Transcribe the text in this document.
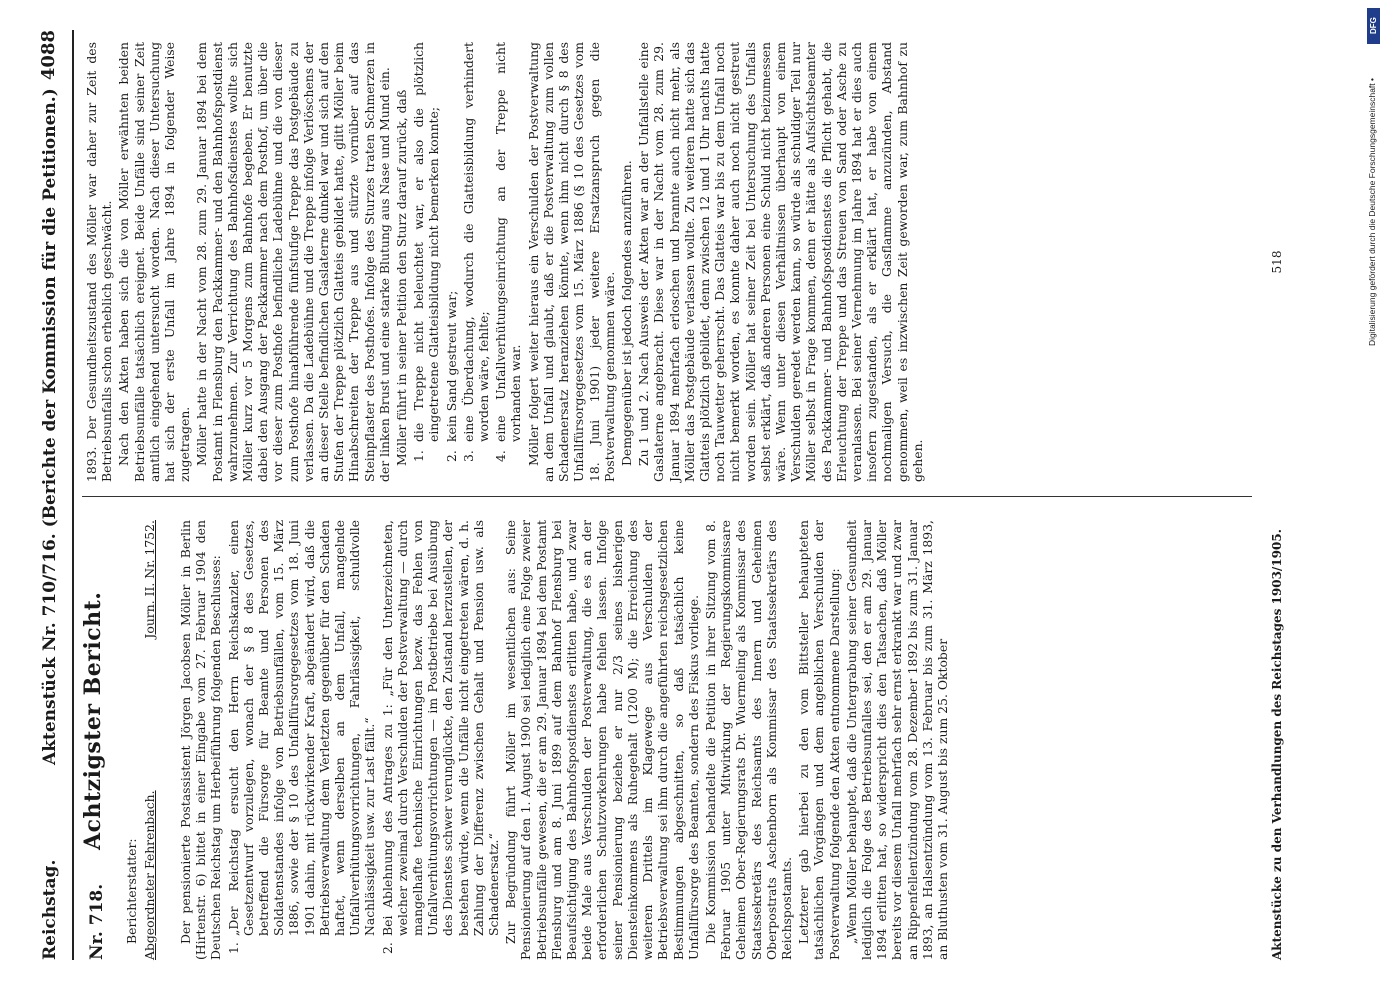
Reichstag.
Aktenstück Nr. 710/716. (Berichte der Kommission für die Petitionen.)
4088
Nr. 718.
Achtzigster Bericht.
Berichterstatter: Abgeordneter Fehrenbach.
Journ. II. Nr. 1752. Der pensionierte Postassistent Jörgen Jacobsen Möller in Berlin (Hirtenstr. 6) bittet in einer Eingabe vom 27. Februar 1904 den Deutschen Reichstag um Herbeiführung folgenden Beschlusses: 1.
„Der Reichstag ersucht den Herrn Reichskanzler, einen Gesetzentwurf vorzulegen, wonach der § 8 des Gesetzes, betreffend die Fürsorge für Beamte und Personen des Soldatenstandes infolge von Betriebsunfällen, vom 15. März 1886, sowie der § 10 des Unfallfürsorgegesetzes vom 18. Juni 1901 dahin, mit rückwirkender Kraft, abgeändert wird, daß die Betriebsverwaltung dem Verletzten gegenüber für den Schaden haftet, wenn derselben an dem Unfall, mangelnde Unfallverhütungsvorrichtungen, Fahrlässigkeit, schuldvolle Nachlässigkeit usw. zur Last fällt.“

2.
Bei Ablehnung des Antrages zu 1: „Für den Unterzeichneten, welcher zweimal durch Verschulden der Postverwaltung — durch mangelhafte technische Einrichtungen bezw. das Fehlen von Unfallverhütungsvorrichtungen — im Postbetriebe bei Ausübung des Dienstes schwer verunglückte, den Zustand herzustellen, der bestehen würde, wenn die Unfälle nicht eingetreten wären, d. h. Zahlung der Differenz zwischen Gehalt und Pension usw. als Schadenersatz.“ Zur Begründung führt Möller im wesentlichen aus: Seine Pensionierung auf den 1. August 1900 sei lediglich eine Folge zweier Betriebsunfälle gewesen, die er am 29. Januar 1894 bei dem Postamt Flensburg und am 8. Juni 1899 auf dem Bahnhof Flensburg bei Beaufsichtigung des Bahnhofspostdienstes erlitten habe, und zwar beide Male aus Verschulden der Postverwaltung, die es an der erforderlichen Schutzvorkehrungen habe fehlen lassen. Infolge seiner Pensionierung beziehe er nur 2/3 seines bisherigen Diensteinkommens als Ruhegehalt (1200 M); die Erreichung des weiteren Drittels im Klagewege aus Verschulden der Betriebsverwaltung sei ihm durch die angeführten reichsgesetzlichen Bestimmungen abgeschnitten, so daß tatsächlich keine Unfallfürsorge des Beamten, sondern des Fiskus vorliege. Die Kommission behandelte die Petition in ihrer Sitzung vom 8. Februar 1905 unter Mitwirkung der Regierungskommissare Geheimen Ober-Regierungsrats Dr. Wuermeling als Kommissar des Staatssekretärs des Reichsamts des Innern und Geheimen Oberpostrats Aschenborn als Kommissar des Staatssekretärs des Reichspostamts. Letzterer gab hierbei zu den vom Bittsteller behaupteten tatsächlichen Vorgängen und dem angeblichen Verschulden der Postverwaltung folgende den Akten entnommene Darstellung: „Wenn Möller behauptet, daß die Untergrabung seiner Gesundheit lediglich die Folge des Betriebsunfalles sei, den er am 29. Januar 1894 erlitten hat, so widerspricht dies den Tatsachen, daß Möller bereits vor diesem Unfall mehrfach sehr ernst erkrankt war und zwar an Rippenfellentzündung vom 28. Dezember 1892 bis zum 31. Januar 1893, an Halsentzündung vom 13. Februar bis zum 31. März 1893, an Bluthusten vom 31. August bis zum 25. Oktober

1893. Der Gesundheitszustand des Möller war daher zur Zeit des Betriebsunfalls schon erheblich geschwächt. Nach den Akten haben sich die von Möller erwähnten beiden Betriebsunfälle tatsächlich ereignet. Beide Unfälle sind seiner Zeit amtlich eingehend untersucht worden. Nach dieser Untersuchung hat sich der erste Unfall im Jahre 1894 in folgender Weise zugetragen. Möller hatte in der Nacht vom 28. zum 29. Januar 1894 bei dem Postamt in Flensburg den Packkammer- und den Bahnhofspostdienst wahrzunehmen. Zur Verrichtung des Bahnhofsdienstes wollte sich Möller kurz vor 5 Morgens zum Bahnhofe begeben. Er benutzte dabei den Ausgang der Packkammer nach dem Posthof, um über die vor dieser zum Posthofe befindliche Ladebühne und die von dieser zum Posthofe hinabführende fünfstufige Treppe das Postgebäude zu verlassen. Da die Ladebühne und die Treppe infolge Verlöschens der an dieser Stelle befindlichen Gaslaterne dunkel war und sich auf den Stufen der Treppe plötzlich Glatteis gebildet hatte, glitt Möller beim Hinabschreiten der Treppe aus und stürzte vornüber auf das Steinpflaster des Posthofes. Infolge des Sturzes traten Schmerzen in der linken Brust und eine starke Blutung aus Nase und Mund ein. Möller führt in seiner Petition den Sturz darauf zurück, daß 1.
die Treppe nicht beleuchtet war, er also die plötzlich eingetretene Glatteisbildung nicht bemerken konnte;

2.
kein Sand gestreut war;

3.
eine Überdachung, wodurch die Glatteisbildung verhindert worden wäre, fehlte;

4.
eine Unfallverhütungseinrichtung an der Treppe nicht vorhanden war. Möller folgert weiter hieraus ein Verschulden der Postverwaltung an dem Unfall und glaubt, daß er die Postverwaltung zum vollen Schadenersatz heranziehen könnte, wenn ihm nicht durch § 8 des Unfallfürsorgegesetzes vom 15. März 1886 (§ 10 des Gesetzes vom 18. Juni 1901) jeder weitere Ersatzanspruch gegen die Postverwaltung genommen wäre. Demgegenüber ist jedoch folgendes anzuführen. Zu 1 und 2. Nach Ausweis der Akten war an der Unfallstelle eine Gaslaterne angebracht. Diese war in der Nacht vom 28. zum 29. Januar 1894 mehrfach erloschen und brannte auch nicht mehr, als Möller das Postgebäude verlassen wollte. Zu weiteren hatte sich das Glatteis plötzlich gebildet, denn zwischen 12 und 1 Uhr nachts hatte noch Tauwetter geherrscht. Das Glatteis war bis zu dem Unfall noch nicht bemerkt worden, es konnte daher auch noch nicht gestreut worden sein. Möller hat seiner Zeit bei Untersuchung des Unfalls selbst erklärt, daß anderen Personen eine Schuld nicht beizumessen wäre. Wenn unter diesen Verhältnissen überhaupt von einem Verschulden geredet werden kann, so würde als schuldiger Teil nur Möller selbst in Frage kommen, denn er hätte als Aufsichtsbeamter des Packkammer- und Bahnhofspostdienstes die Pflicht gehabt, die Erleuchtung der Treppe und das Streuen von Sand oder Asche zu veranlassen. Bei seiner Vernehmung im Jahre 1894 hat er dies auch insofern zugestanden, als er erklärt hat, er habe von einem nochmaligen Versuch, die Gasflamme anzuzünden, Abstand genommen, weil es inzwischen Zeit geworden war, zum Bahnhof zu gehen.

Aktenstücke zu den Verhandlungen des Reichstages 1903/1905.
518	Digitalisierung gefördert durch die Deutsche Forschungsgemeinschaft •
DFG
